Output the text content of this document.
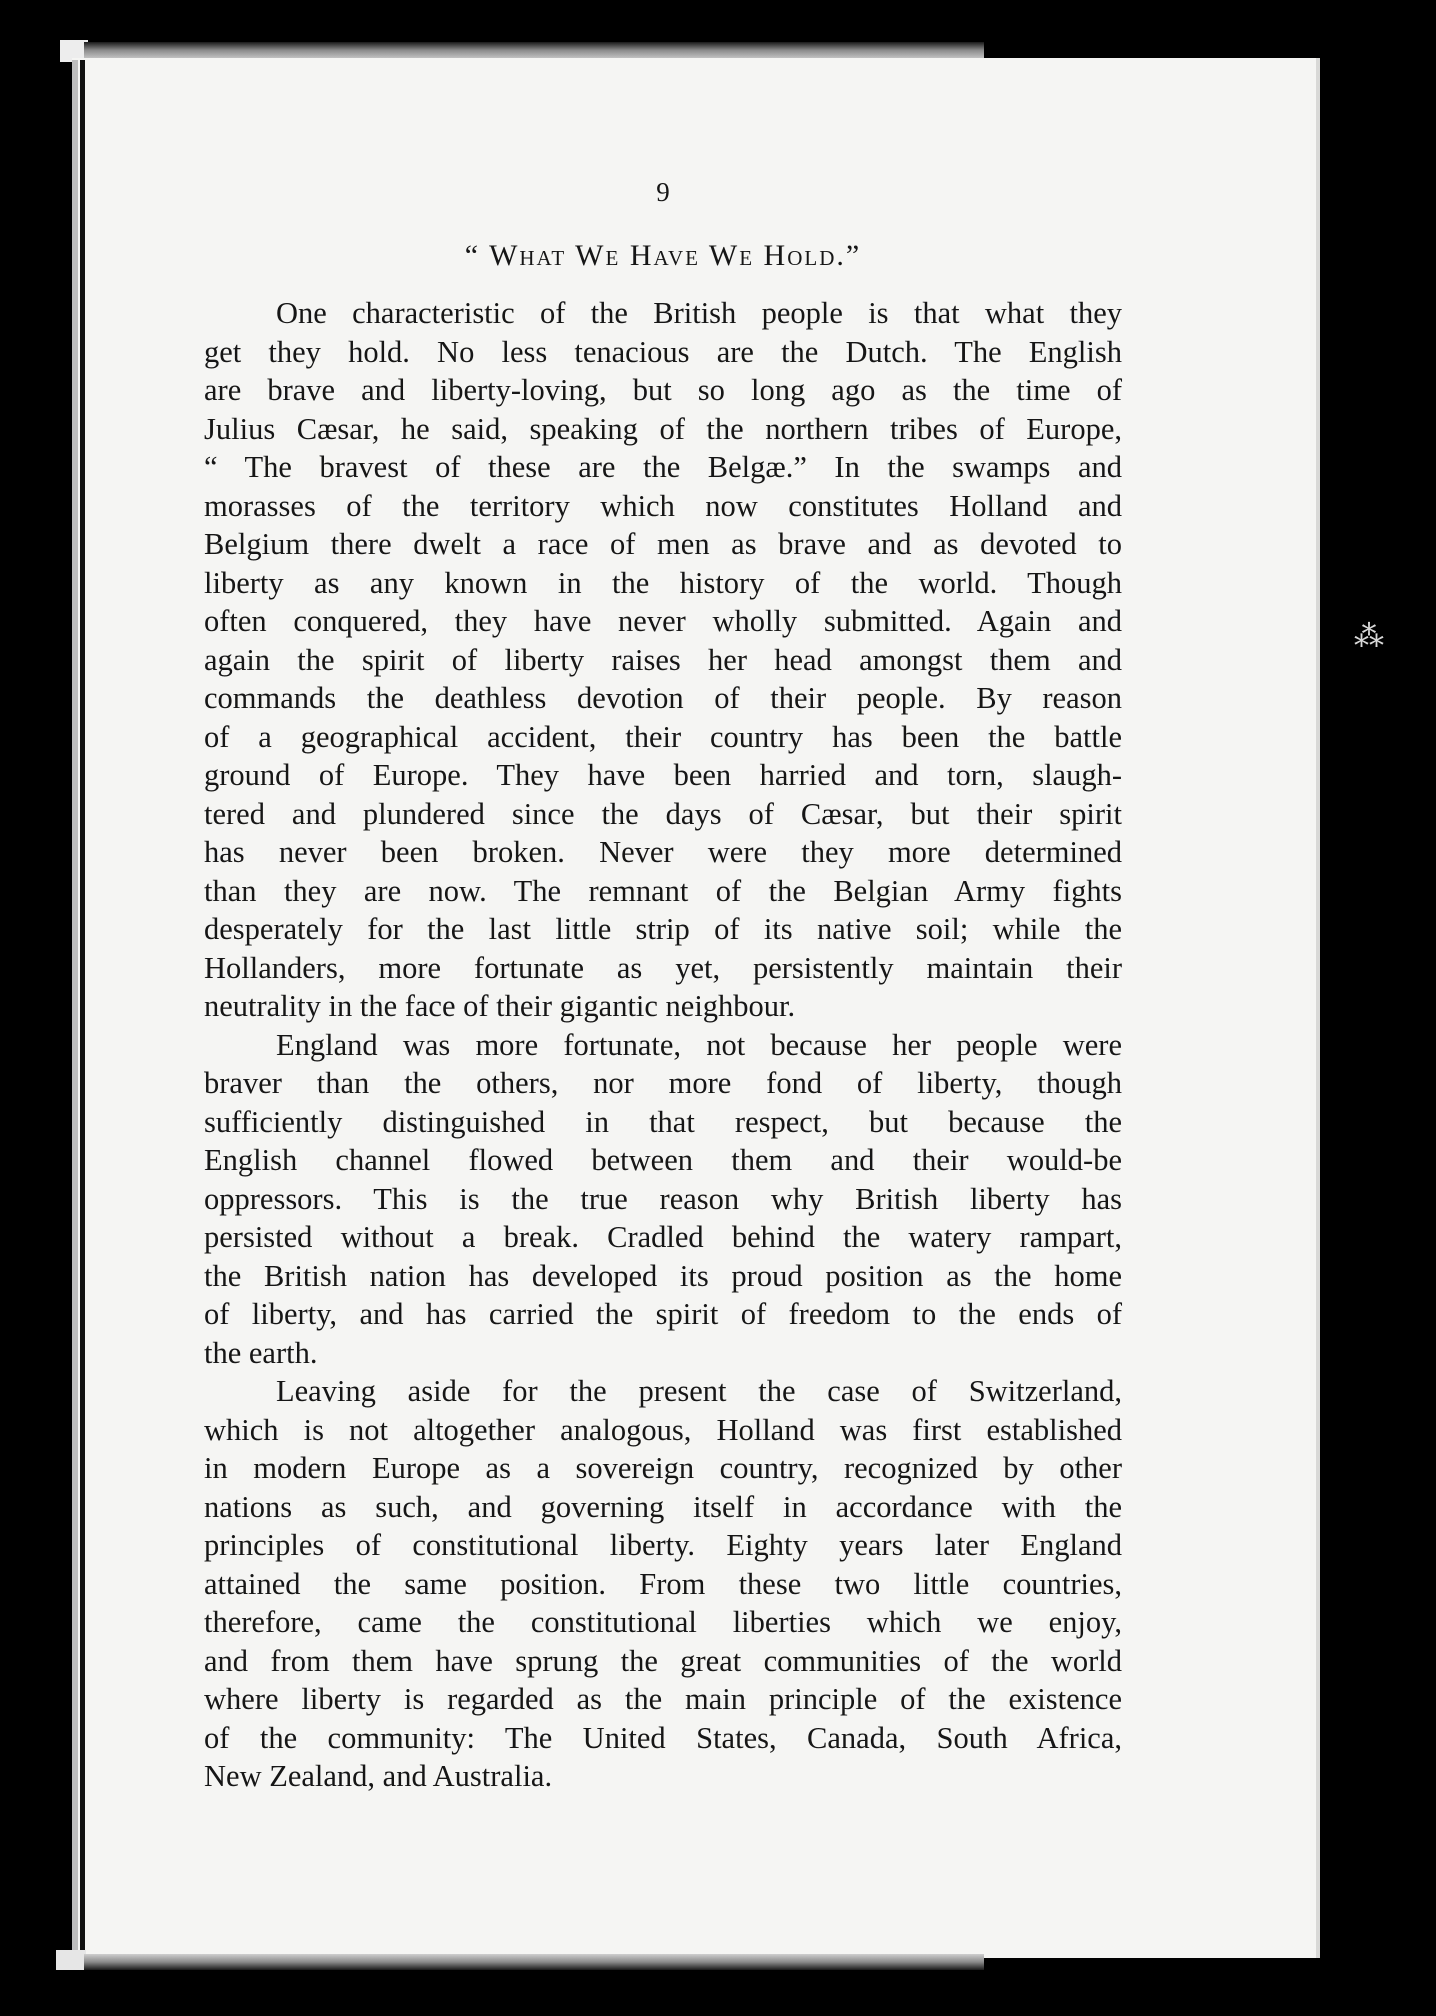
⁂
9
“ What We Have We Hold.”
One characteristic of the British people is that what they
get they hold. No less tenacious are the Dutch. The English
are brave and liberty-loving, but so long ago as the time of
Julius Cæsar, he said, speaking of the northern tribes of Europe,
“ The bravest of these are the Belgæ.” In the swamps and
morasses of the territory which now constitutes Holland and
Belgium there dwelt a race of men as brave and as devoted to
liberty as any known in the history of the world. Though
often conquered, they have never wholly submitted. Again and
again the spirit of liberty raises her head amongst them and
commands the deathless devotion of their people. By reason
of a geographical accident, their country has been the battle
ground of Europe. They have been harried and torn, slaugh-
tered and plundered since the days of Cæsar, but their spirit
has never been broken. Never were they more determined
than they are now. The remnant of the Belgian Army fights
desperately for the last little strip of its native soil; while the
Hollanders, more fortunate as yet, persistently maintain their
neutrality in the face of their gigantic neighbour.
England was more fortunate, not because her people were
braver than the others, nor more fond of liberty, though
sufficiently distinguished in that respect, but because the
English channel flowed between them and their would-be
oppressors. This is the true reason why British liberty has
persisted without a break. Cradled behind the watery rampart,
the British nation has developed its proud position as the home
of liberty, and has carried the spirit of freedom to the ends of
the earth.
Leaving aside for the present the case of Switzerland,
which is not altogether analogous, Holland was first established
in modern Europe as a sovereign country, recognized by other
nations as such, and governing itself in accordance with the
principles of constitutional liberty. Eighty years later England
attained the same position. From these two little countries,
therefore, came the constitutional liberties which we enjoy,
and from them have sprung the great communities of the world
where liberty is regarded as the main principle of the existence
of the community: The United States, Canada, South Africa,
New Zealand, and Australia.
